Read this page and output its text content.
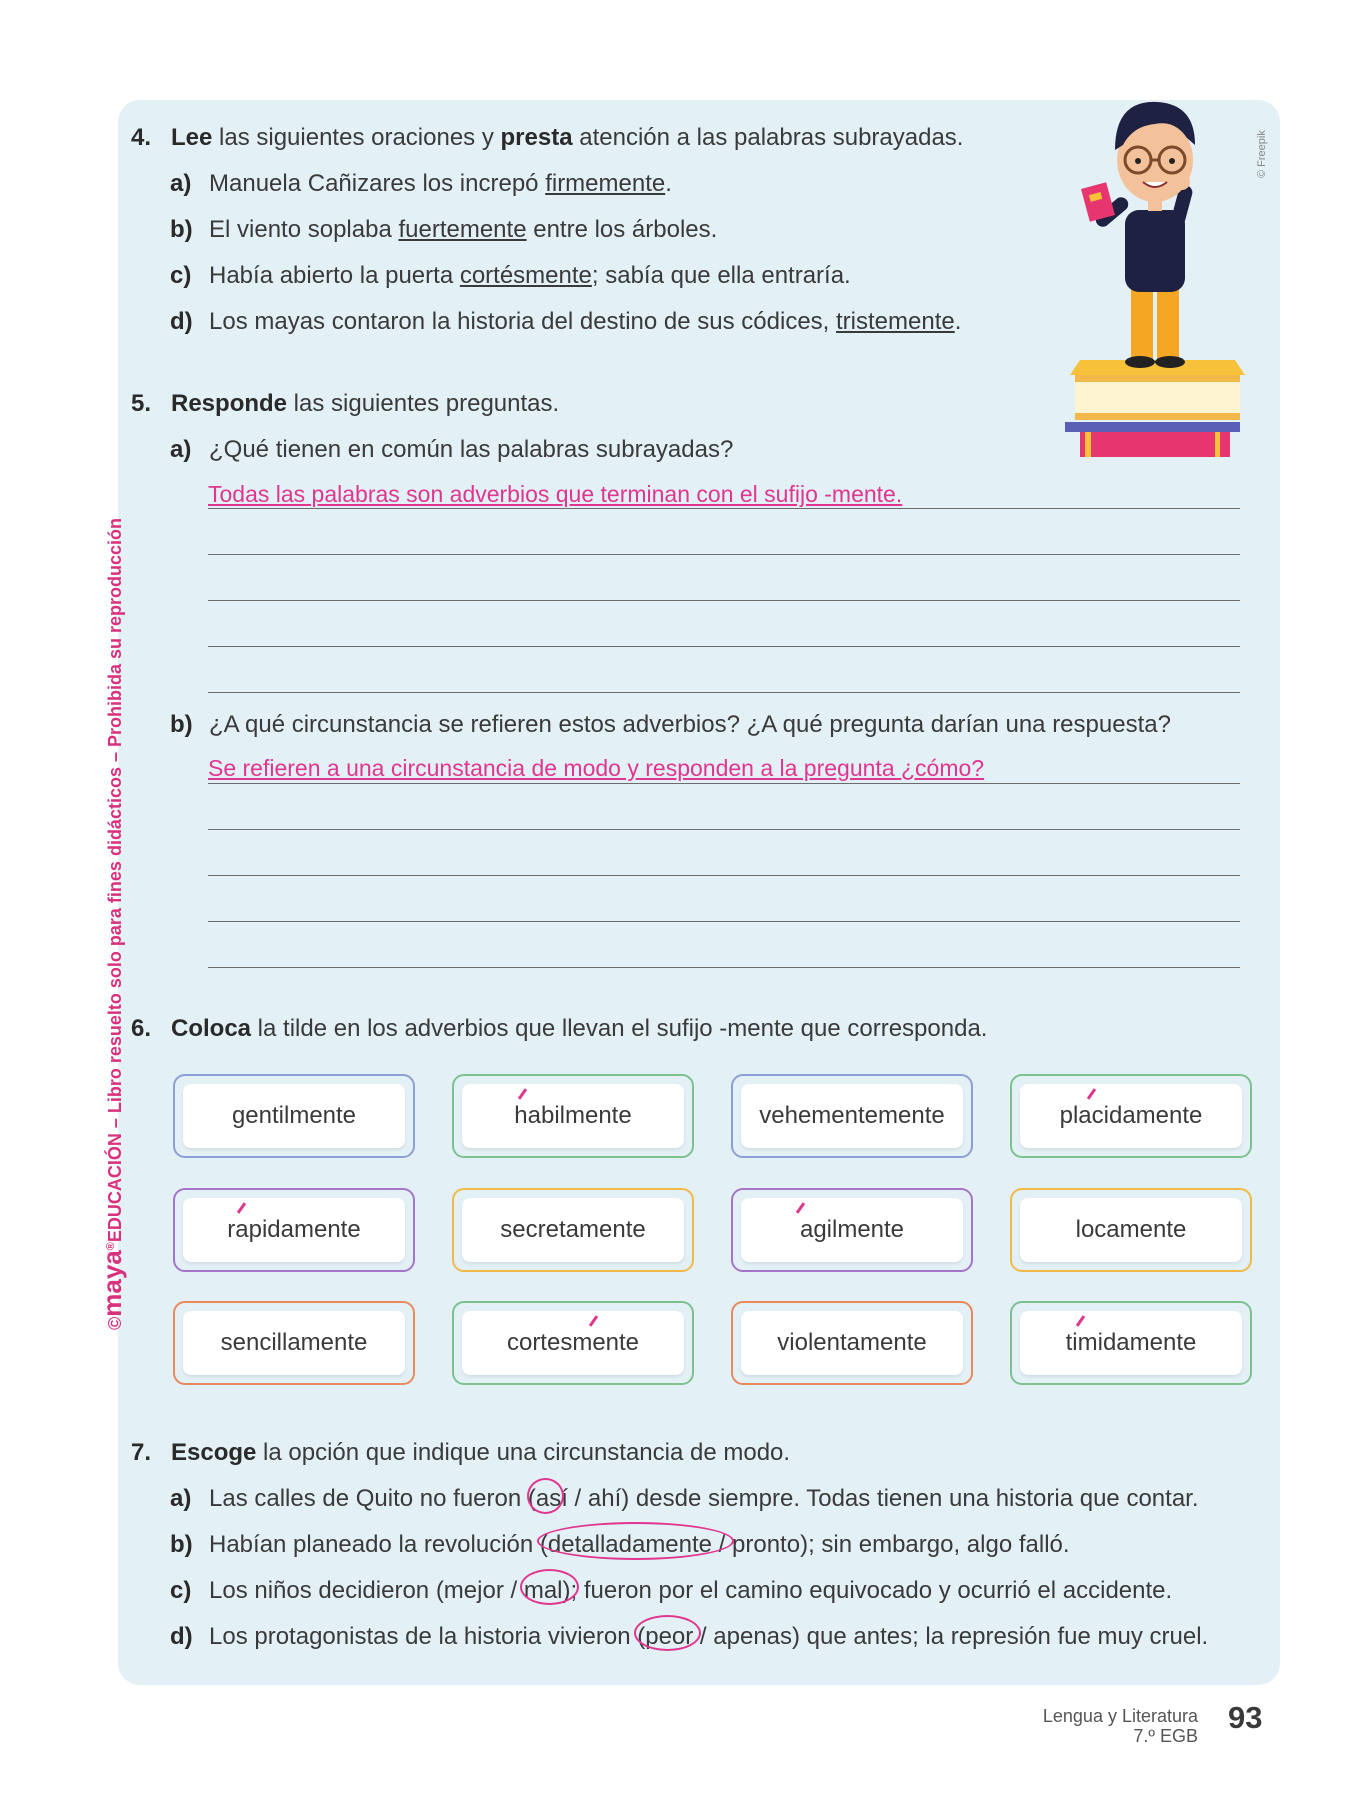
©maya®EDUCACIÓN – Libro resuelto solo para fines didácticos – Prohibida su reproducción
© Freepik
4. Lee las siguientes oraciones y presta atención a las palabras subrayadas.
a) Manuela Cañizares los increpó firmemente.
b) El viento soplaba fuertemente entre los árboles.
c) Había abierto la puerta cortésmente; sabía que ella entraría.
d) Los mayas contaron la historia del destino de sus códices, tristemente.
5. Responde las siguientes preguntas.
a) ¿Qué tienen en común las palabras subrayadas?
Todas las palabras son adverbios que terminan con el sufijo -mente.
b) ¿A qué circunstancia se refieren estos adverbios? ¿A qué pregunta darían una respuesta?
Se refieren a una circunstancia de modo y responden a la pregunta ¿cómo?
6. Coloca la tilde en los adverbios que llevan el sufijo -mente que corresponda.
gentilmente	habilmente	vehementemente	placidamente
rapidamente	secretamente	agilmente	locamente
sencillamente	cortesmente	violentamente	timidamente
7. Escoge la opción que indique una circunstancia de modo.
a) Las calles de Quito no fueron (así / ahí) desde siempre. Todas tienen una historia que contar.
b) Habían planeado la revolución (detalladamente / pronto); sin embargo, algo falló.
c) Los niños decidieron (mejor / mal); fueron por el camino equivocado y ocurrió el accidente.
d) Los protagonistas de la historia vivieron (peor / apenas) que antes; la represión fue muy cruel.
Lengua y Literatura
7.º EGB
93
